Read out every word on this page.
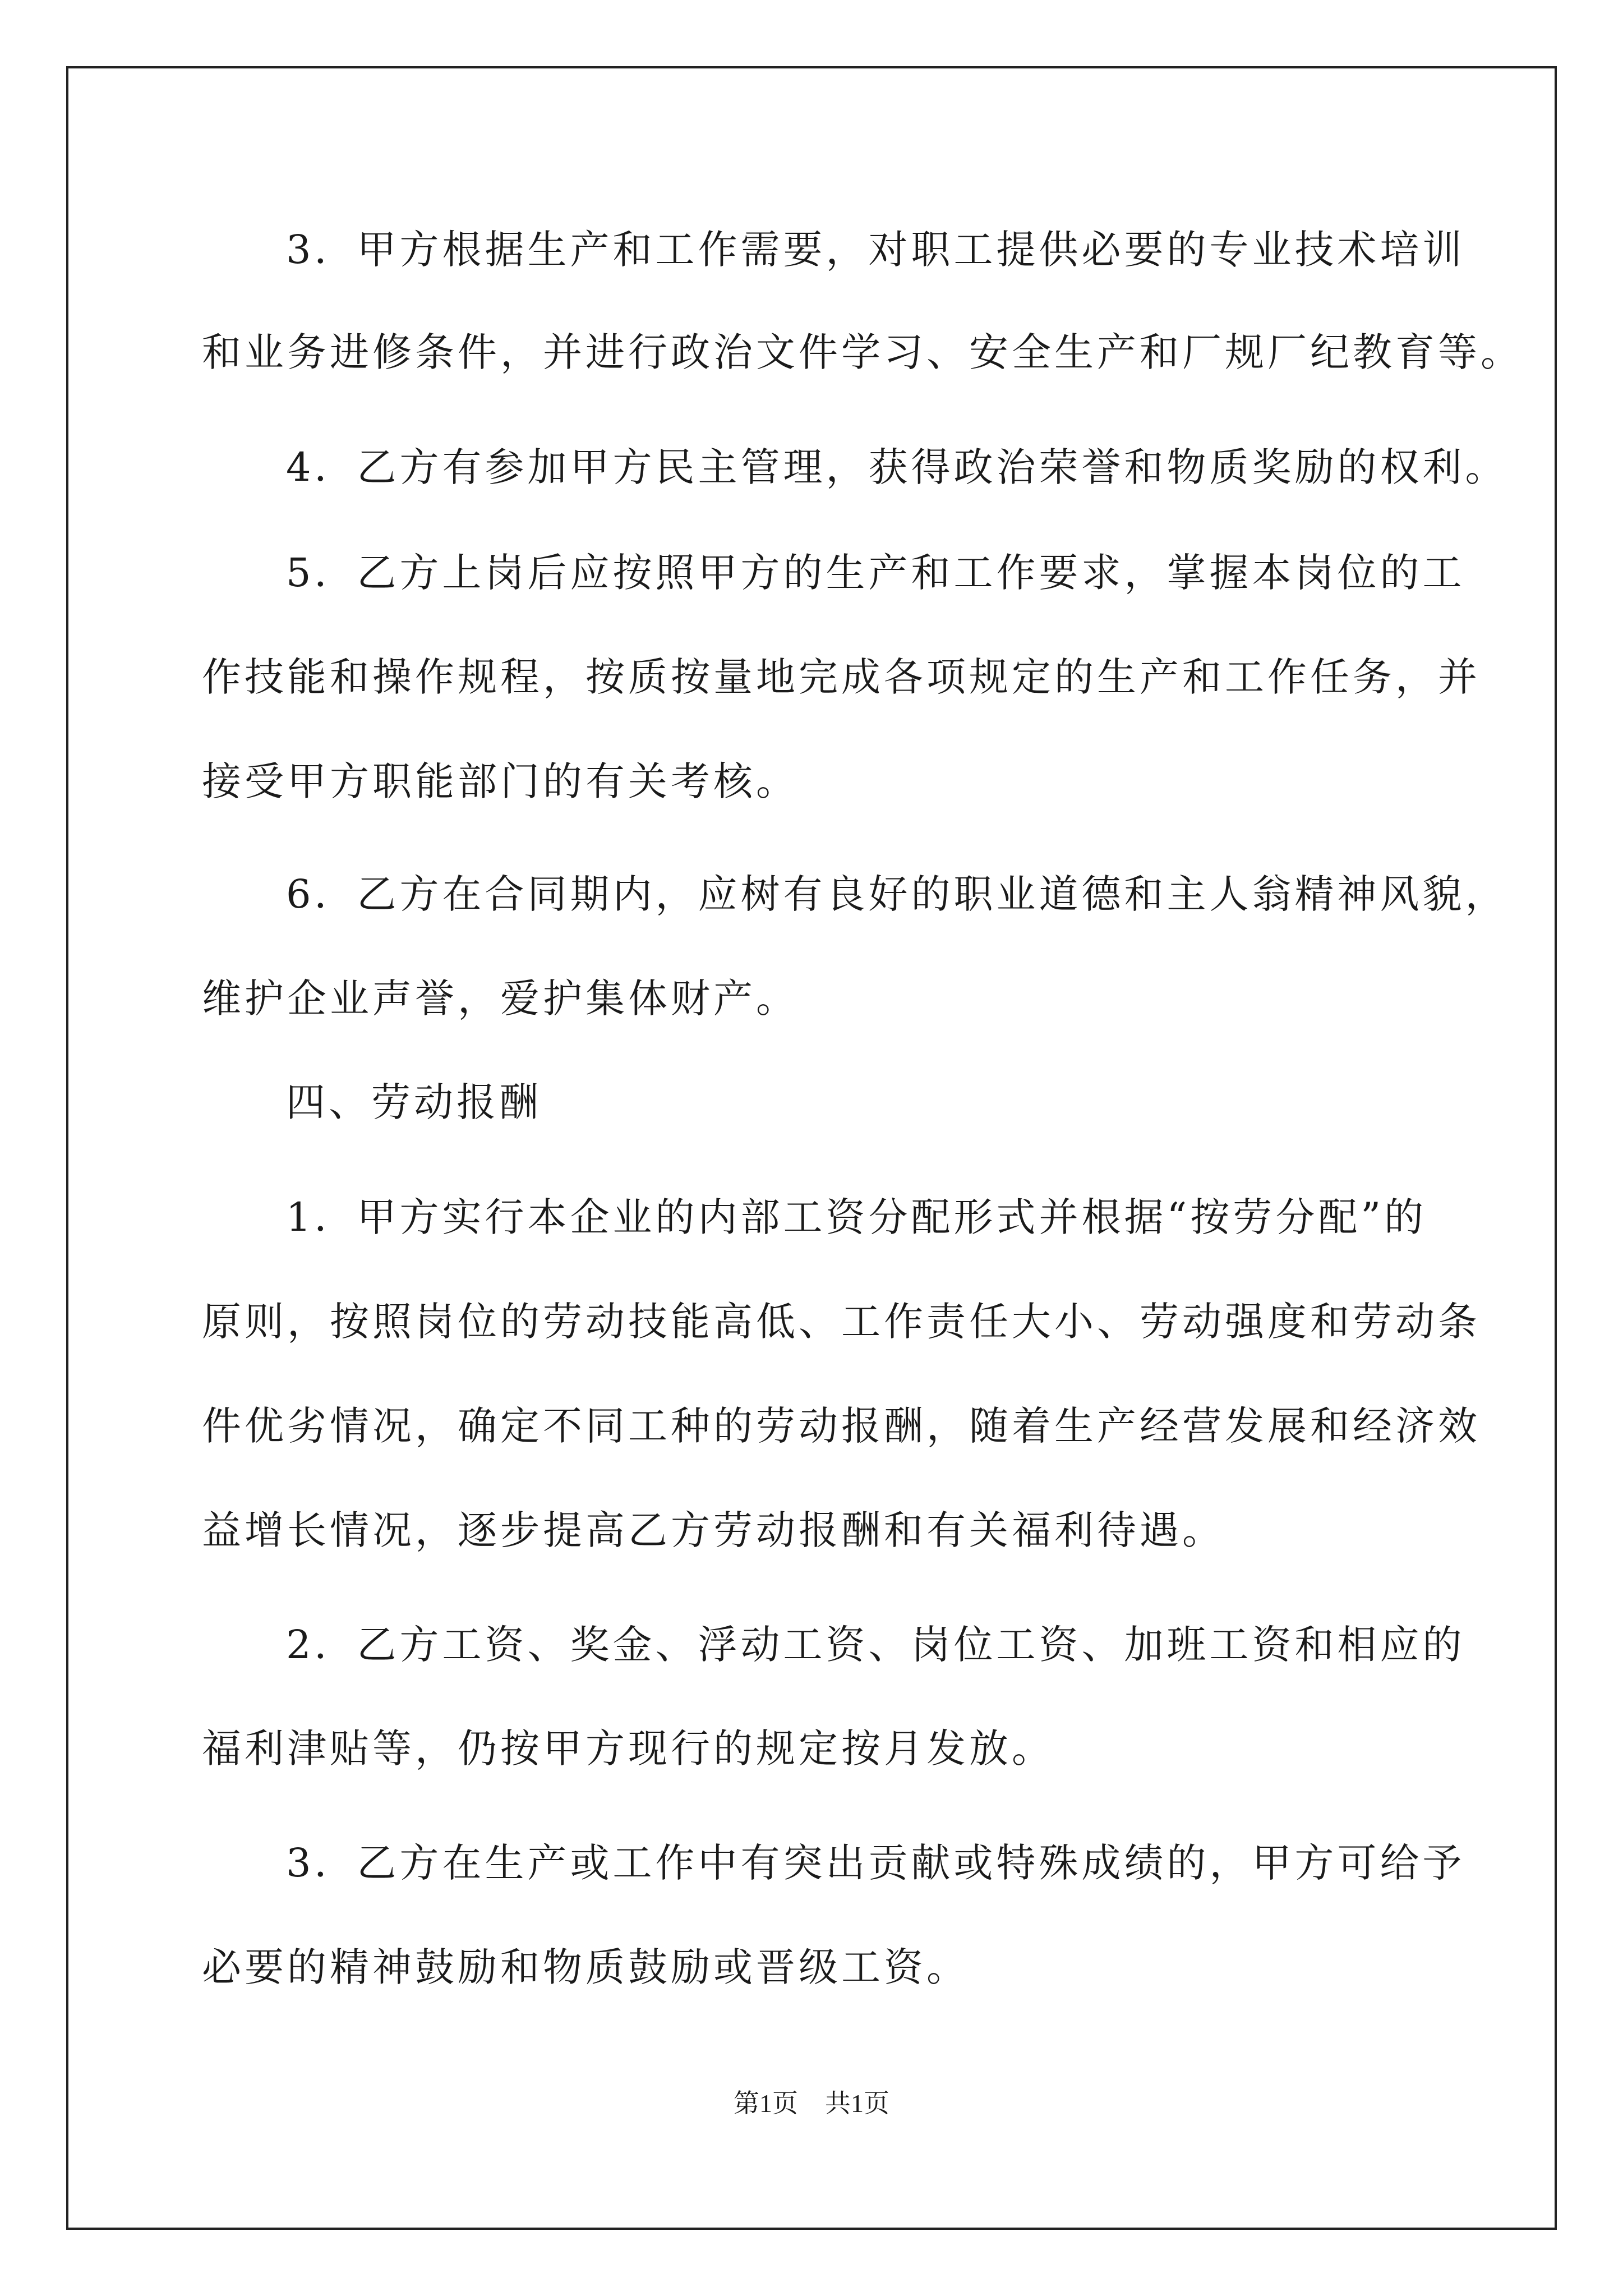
3．甲方根据生产和工作需要，对职工提供必要的专业技术培训
和业务进修条件，并进行政治文件学习、安全生产和厂规厂纪教育等。
4．乙方有参加甲方民主管理，获得政治荣誉和物质奖励的权利。
5．乙方上岗后应按照甲方的生产和工作要求，掌握本岗位的工
作技能和操作规程，按质按量地完成各项规定的生产和工作任务，并
接受甲方职能部门的有关考核。
6．乙方在合同期内，应树有良好的职业道德和主人翁精神风貌，
维护企业声誉，爱护集体财产。
四、劳动报酬
1．甲方实行本企业的内部工资分配形式并根据“按劳分配”的
原则，按照岗位的劳动技能高低、工作责任大小、劳动强度和劳动条
件优劣情况，确定不同工种的劳动报酬，随着生产经营发展和经济效
益增长情况，逐步提高乙方劳动报酬和有关福利待遇。
2．乙方工资、奖金、浮动工资、岗位工资、加班工资和相应的
福利津贴等，仍按甲方现行的规定按月发放。
3．乙方在生产或工作中有突出贡献或特殊成绩的，甲方可给予
必要的精神鼓励和物质鼓励或晋级工资。
第1页 共1页
